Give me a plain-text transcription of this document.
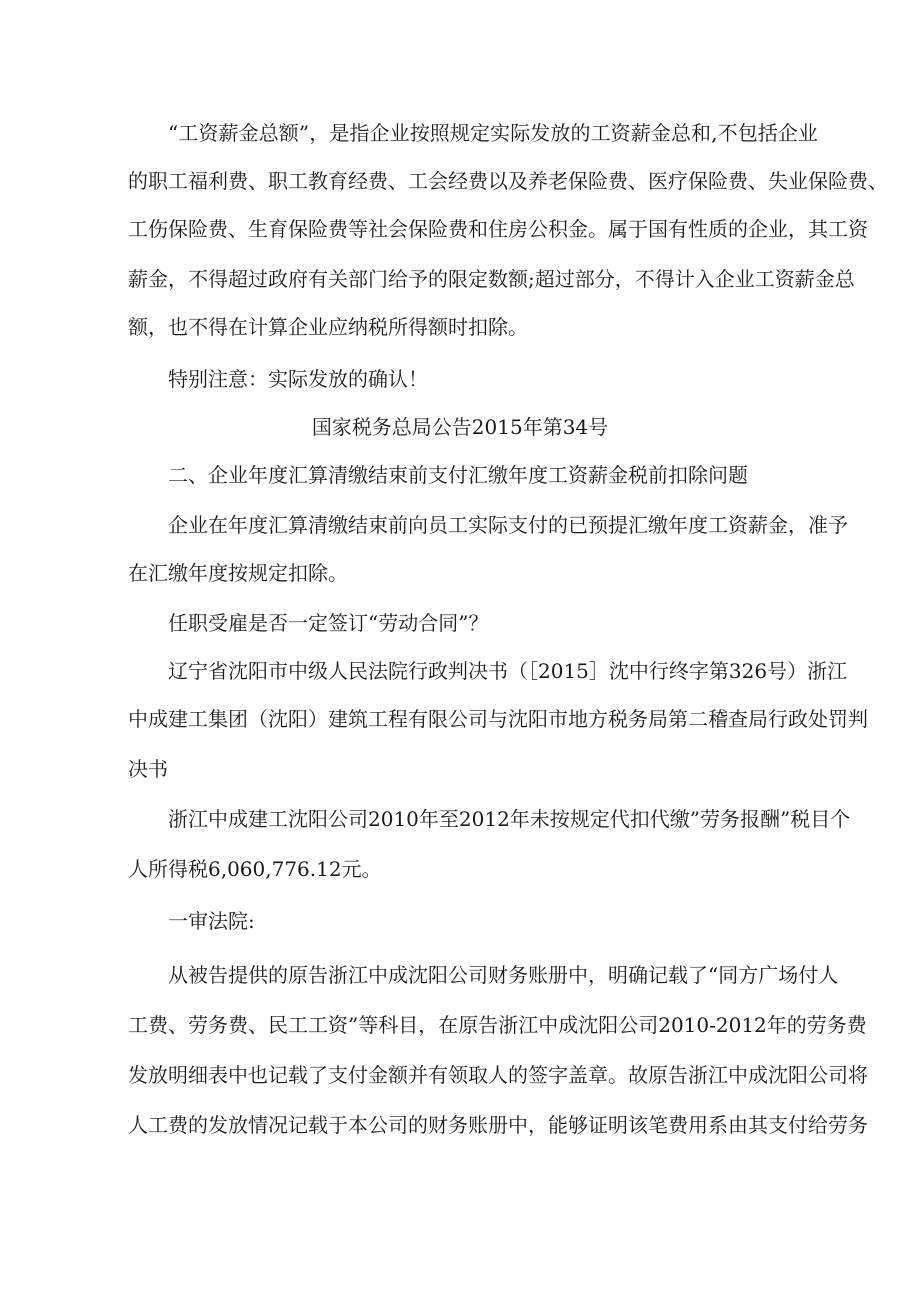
“工资薪金总额”，是指企业按照规定实际发放的工资薪金总和,不包括企业
的职工福利费、职工教育经费、工会经费以及养老保险费、医疗保险费、失业保险费、
工伤保险费、生育保险费等社会保险费和住房公积金。属于国有性质的企业，其工资
薪金，不得超过政府有关部门给予的限定数额;超过部分，不得计入企业工资薪金总
额，也不得在计算企业应纳税所得额时扣除。
特别注意：实际发放的确认！
国家税务总局公告2015年第34号
二、企业年度汇算清缴结束前支付汇缴年度工资薪金税前扣除问题
企业在年度汇算清缴结束前向员工实际支付的已预提汇缴年度工资薪金，准予
在汇缴年度按规定扣除。
任职受雇是否一定签订“劳动合同”？
辽宁省沈阳市中级人民法院行政判决书（［2015］沈中行终字第326号）浙江
中成建工集团（沈阳）建筑工程有限公司与沈阳市地方税务局第二稽查局行政处罚判
决书
浙江中成建工沈阳公司2010年至2012年未按规定代扣代缴”劳务报酬”税目个
人所得税6,060,776.12元。
一审法院:
从被告提供的原告浙江中成沈阳公司财务账册中，明确记载了“同方广场付人
工费、劳务费、民工工资”等科目，在原告浙江中成沈阳公司2010-2012年的劳务费
发放明细表中也记载了支付金额并有领取人的签字盖章。故原告浙江中成沈阳公司将
人工费的发放情况记载于本公司的财务账册中，能够证明该笔费用系由其支付给劳务
